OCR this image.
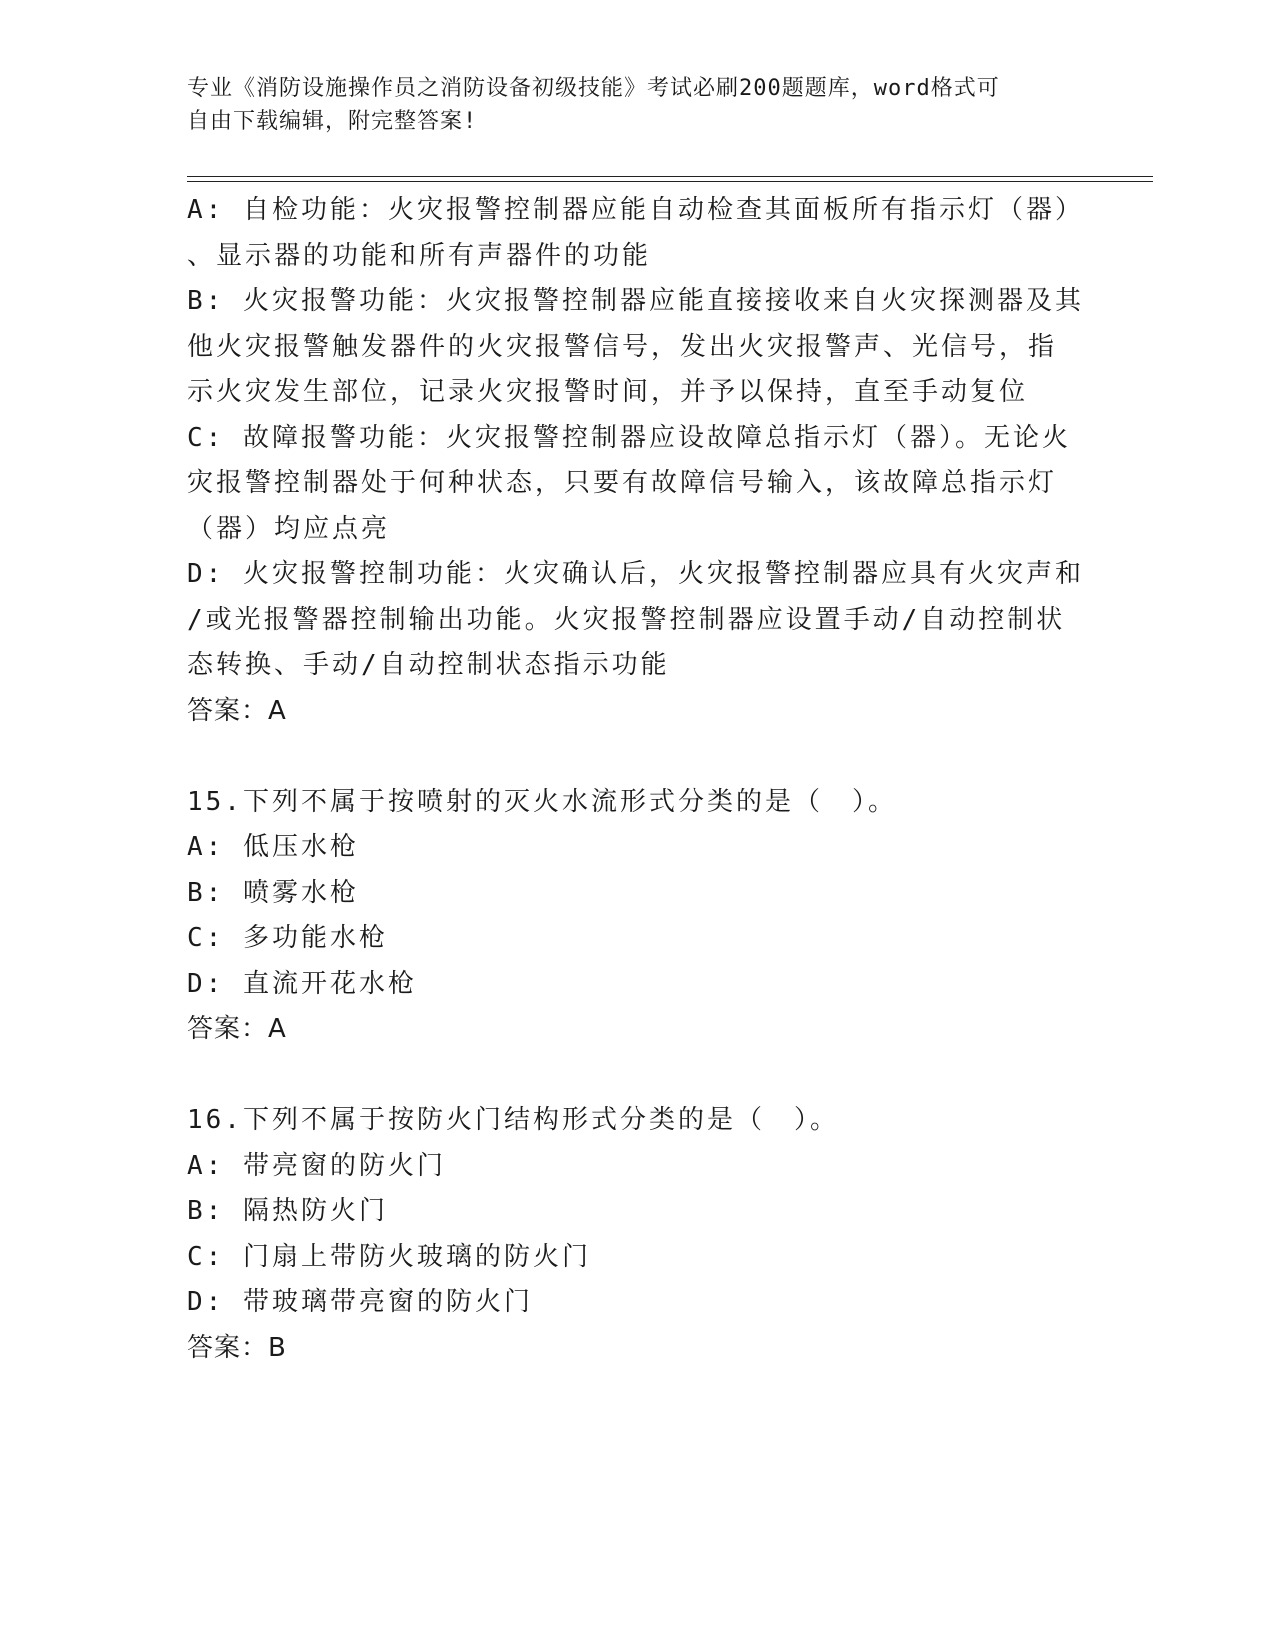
专业《消防设施操作员之消防设备初级技能》考试必刷200题题库，word格式可
自由下载编辑，附完整答案!
A: 自检功能：火灾报警控制器应能自动检查其面板所有指示灯（器）
、显示器的功能和所有声器件的功能
B: 火灾报警功能：火灾报警控制器应能直接接收来自火灾探测器及其
他火灾报警触发器件的火灾报警信号，发出火灾报警声、光信号，指
示火灾发生部位，记录火灾报警时间，并予以保持，直至手动复位
C: 故障报警功能：火灾报警控制器应设故障总指示灯（器）。无论火
灾报警控制器处于何种状态，只要有故障信号输入，该故障总指示灯
（器）均应点亮
D: 火灾报警控制功能：火灾确认后，火灾报警控制器应具有火灾声和
/或光报警器控制输出功能。火灾报警控制器应设置手动/自动控制状
态转换、手动/自动控制状态指示功能
答案：A
15.下列不属于按喷射的灭火水流形式分类的是（　）。
A: 低压水枪
B: 喷雾水枪
C: 多功能水枪
D: 直流开花水枪
答案：A
16.下列不属于按防火门结构形式分类的是（　）。
A: 带亮窗的防火门
B: 隔热防火门
C: 门扇上带防火玻璃的防火门
D: 带玻璃带亮窗的防火门
答案：B
